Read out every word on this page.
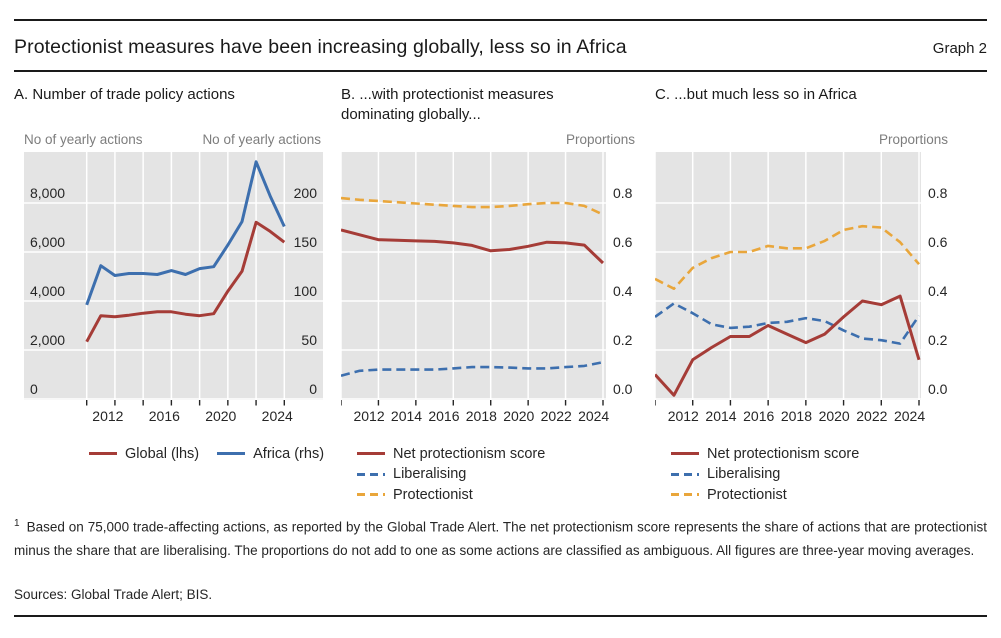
Protectionist measures have been increasing globally, less so in Africa	Graph 2
A. Number of trade policy actions	B. ...with protectionist measures dominating globally...
C. ...but much less so in Africa
No of yearly actions	No of yearly actions	Proportions	Proportions
2012 2016 2020 2024
0
2,000
4,000
6,000
8,000
0
50
100
150
200
2012 2014 2016 2018 2020 2022 2024
0.0
0.2
0.4
0.6
0.8
2012 2014 2016 2018 2020 2022 2024
0.0
0.2
0.4
0.6
0.8
Global (lhs)	Africa (rhs)	Net protectionism score
Liberalising
Protectionist
Net protectionism score
Liberalising
Protectionist
$^1$ Based on 75,000 trade-affecting actions, as reported by the Global Trade Alert. The net protectionism score represents the share of actions that are protectionist minus the share that are liberalising. The proportions do not add to one as some actions are classified as ambiguous. All figures are three-year moving averages.
Sources: Global Trade Alert; BIS.
